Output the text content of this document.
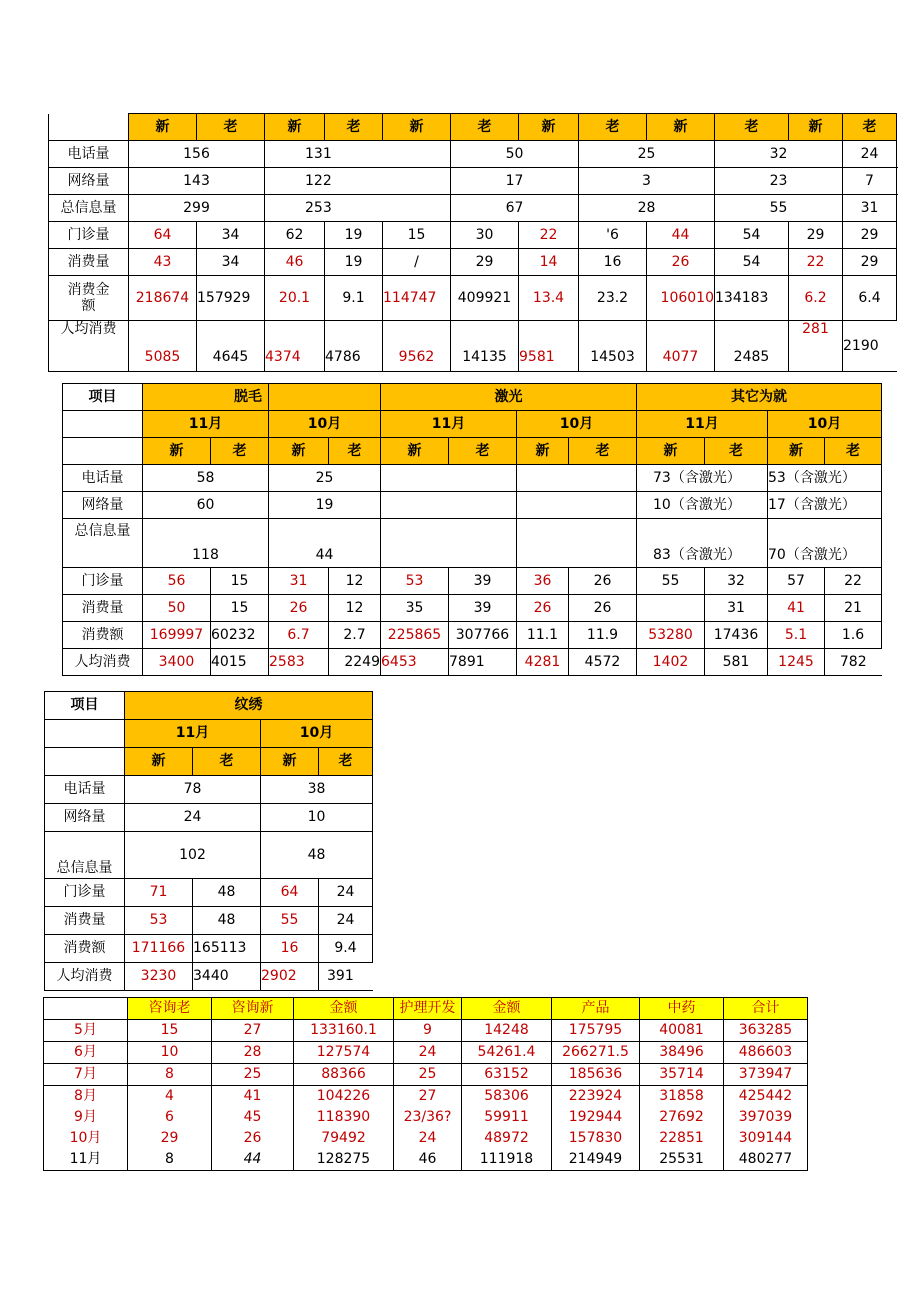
	新	老	新	老	新	老	新	老	新	老	新	老
电话量	156		131			50		25		32		24
网络量	143		122			17		3		23		7
总信息量	299		253			67		28		55		31
门诊量	64	34	62	19	15	30	22	'6	44	54	29	29
消费量	43	34	46	19	/	29	14	16	26	54	22	29
消费金额	218674	157929	20.1	9.1	114747	409921	13.4	23.2	106010	134183	6.2	6.4
人均消费	5085	4645	4374	4786	9562	14135	9581	14503	4077	2485	281	2190
项目	脱毛				激光				其它为就			
	11月		10月		11月		10月		11月		10月	
	新	老	新	老	新	老	新	老	新	老	新	老
电话量	58		25						73（含激光）		53（含激光）	
网络量	60		19						10（含激光）		17（含激光）	
总信息量	118		44						83（含激光）		70（含激光）	
门诊量	56	15	31	12	53	39	36	26	55	32	57	22
消费量	50	15	26	12	35	39	26	26		31	41	21
消费额	169997	60232	6.7	2.7	225865	307766	11.1	11.9	53280	17436	5.1	1.6
人均消费	3400	4015	2583	2249	6453	7891	4281	4572	1402	581	1245	782
项目	纹绣			
	11月		10月	
	新	老	新	老
电话量	78		38	
网络量	24		10	
总信息量	102		48	
门诊量	71	48	64	24
消费量	53	48	55	24
消费额	171166	165113	16	9.4
人均消费	3230	3440	2902	391
	咨询老	咨询新	金额	护理开发	金额	产品	中药	合计
5月	15	27	133160.1	9	14248	175795	40081	363285
6月	10	28	127574	24	54261.4	266271.5	38496	486603
7月	8	25	88366	25	63152	185636	35714	373947
8月	4	41	104226	27	58306	223924	31858	425442
9月	6	45	118390	23/36?	59911	192944	27692	397039
10月	29	26	79492	24	48972	157830	22851	309144
11月	8	44	128275	46	111918	214949	25531	480277
